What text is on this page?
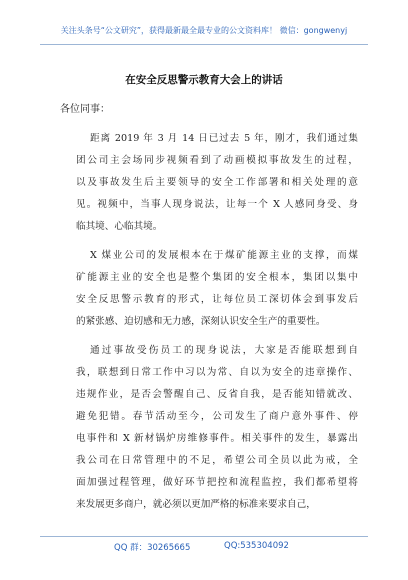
关注头条号“公文研究”，获得最新最全最专业的公文资料库！ 微信：gongwenyj
在安全反思警示教育大会上的讲话
各位同事：
距离 2019 年 3 月 14 日已过去 5 年，刚才，我们通过集
团公司主会场同步视频看到了动画模拟事故发生的过程，
以及事故发生后主要领导的安全工作部署和相关处理的意
见。视频中，当事人现身说法，让每一个 X 人感同身受、身
临其境、心临其境。
X 煤业公司的发展根本在于煤矿能源主业的支撑，而煤
矿能源主业的安全也是整个集团的安全根本，集团以集中
安全反思警示教育的形式，让每位员工深切体会到事发后
的紧张感、迫切感和无力感，深刻认识安全生产的重要性。
通过事故受伤员工的现身说法，大家是否能联想到自
我，联想到日常工作中习以为常、自以为安全的违章操作、
违规作业，是否会警醒自己、反省自我，是否能知错就改、
避免犯错。春节活动至今，公司发生了商户意外事件、停
电事件和 X 新材锅炉房维修事件。相关事件的发生，暴露出
我公司在日常管理中的不足，希望公司全员以此为戒，全
面加强过程管理，做好环节把控和流程监控，我们都希望将
来发展更多商户，就必须以更加严格的标准来要求自己，
QQ 群：30265665	QQ:535304092
